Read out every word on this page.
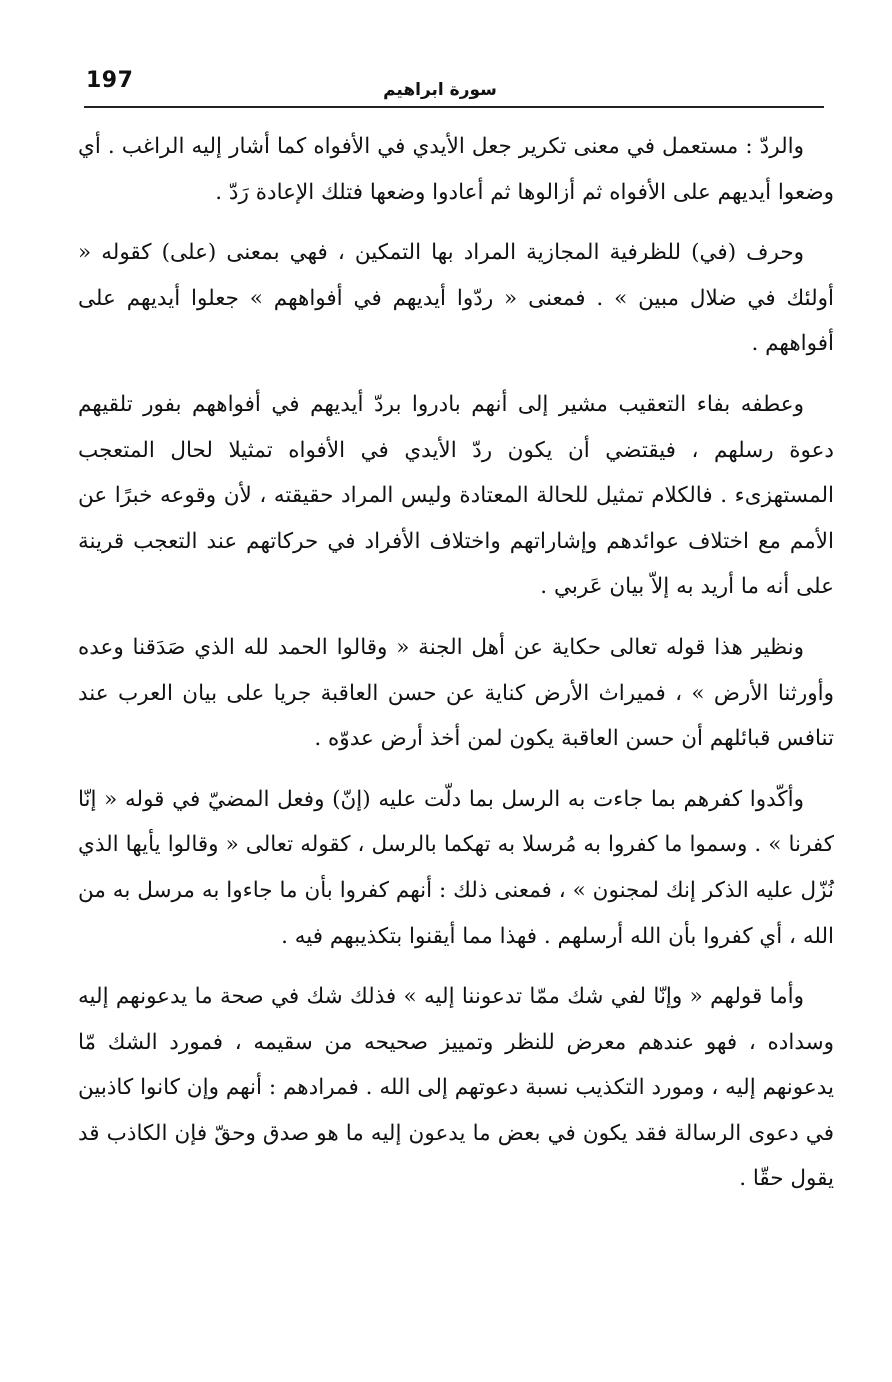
197	سورة ابراهيم

والردّ : مستعمل في معنى تكرير جعل الأيدي في الأفواه كما أشار إليه الراغب . أي وضعوا أيديهم على الأفواه ثم أزالوها ثم أعادوا وضعها فتلك الإعادة رَدّ .

وحرف (في) للظرفية المجازية المراد بها التمكين ، فهي بمعنى (على) كقوله « أولئك في ضلال مبين » . فمعنى « ردّوا أيديهم في أفواههم » جعلوا أيديهم على أفواههم .

وعطفه بفاء التعقيب مشير إلى أنهم بادروا بردّ أيديهم في أفواههم بفور تلقيهم دعوة رسلهم ، فيقتضي أن يكون ردّ الأيدي في الأفواه تمثيلا لحال المتعجب المستهزىء . فالكلام تمثيل للحالة المعتادة وليس المراد حقيقته ، لأن وقوعه خبرًا عن الأمم مع اختلاف عوائدهم وإشاراتهم واختلاف الأفراد في حركاتهم عند التعجب قرينة على أنه ما أريد به إلاّ بيان عَربي .

ونظير هذا قوله تعالى حكاية عن أهل الجنة « وقالوا الحمد لله الذي صَدَقنا وعده وأورثنا الأرض » ، فميراث الأرض كناية عن حسن العاقبة جريا على بيان العرب عند تنافس قبائلهم أن حسن العاقبة يكون لمن أخذ أرض عدوّه .

وأكّدوا كفرهم بما جاءت به الرسل بما دلّت عليه (إنّ) وفعل المضيّ في قوله « إنّا كفرنا » . وسموا ما كفروا به مُرسلا به تهكما بالرسل ، كقوله تعالى « وقالوا يأيها الذي نُزّل عليه الذكر إنك لمجنون » ، فمعنى ذلك : أنهم كفروا بأن ما جاءوا به مرسل به من الله ، أي كفروا بأن الله أرسلهم . فهذا مما أيقنوا بتكذيبهم فيه .

وأما قولهم « وإنّا لفي شك ممّا تدعوننا إليه » فذلك شك في صحة ما يدعونهم إليه وسداده ، فهو عندهم معرض للنظر وتمييز صحيحه من سقيمه ، فمورد الشك مّا يدعونهم إليه ، ومورد التكذيب نسبة دعوتهم إلى الله . فمرادهم : أنهم وإن كانوا كاذبين في دعوى الرسالة فقد يكون في بعض ما يدعون إليه ما هو صدق وحقّ فإن الكاذب قد يقول حقّا .
